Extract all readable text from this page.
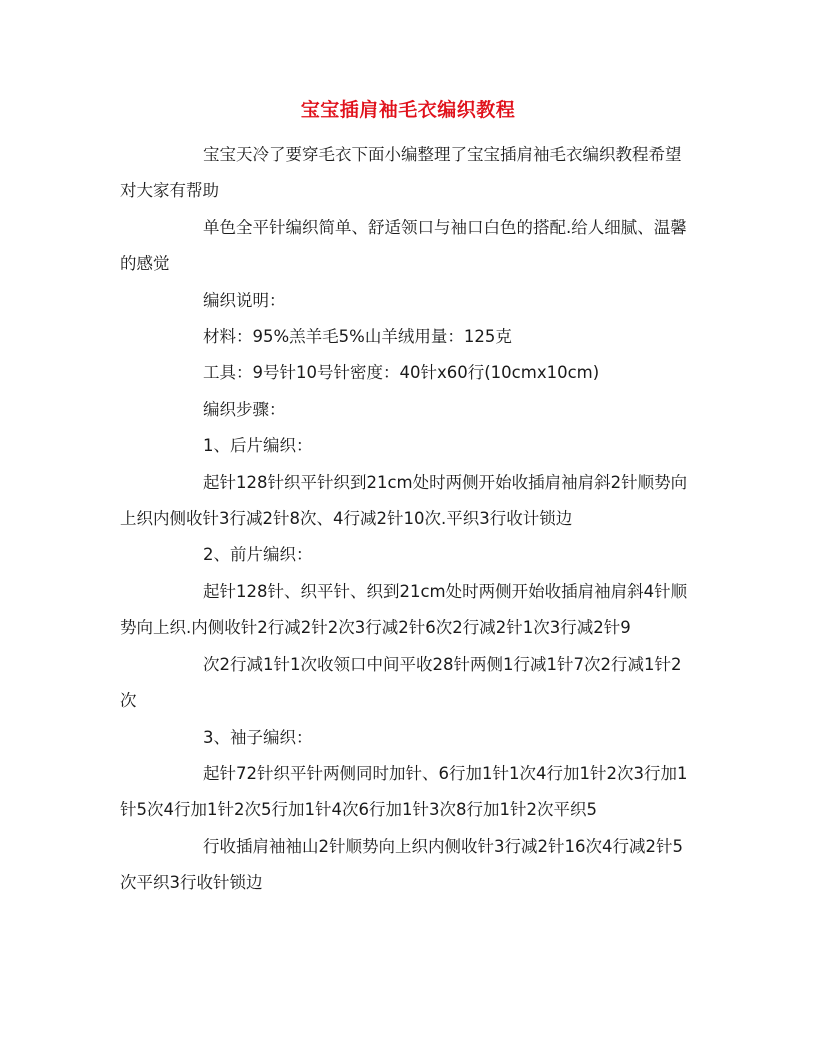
宝宝插肩袖毛衣编织教程

宝宝天冷了要穿毛衣下面小编整理了宝宝插肩袖毛衣编织教程希望对大家有帮助

单色全平针编织简单、舒适领口与袖口白色的搭配.给人细腻、温馨的感觉

编织说明：

材料：95%羔羊毛5%山羊绒用量：125克

工具：9号针10号针密度：40针x60行(10cmx10cm)

编织步骤：

1、后片编织：

起针128针织平针织到21cm处时两侧开始收插肩袖肩斜2针顺势向上织内侧收针3行减2针8次、4行减2针10次.平织3行收计锁边

2、前片编织：

起针128针、织平针、织到21cm处时两侧开始收插肩袖肩斜4针顺势向上织.内侧收针2行减2针2次3行减2针6次2行减2针1次3行减2针9

次2行减1针1次收领口中间平收28针两侧1行减1针7次2行减1针2次

3、袖子编织：

起针72针织平针两侧同时加针、6行加1针1次4行加1针2次3行加1针5次4行加1针2次5行加1针4次6行加1针3次8行加1针2次平织5

行收插肩袖袖山2针顺势向上织内侧收针3行减2针16次4行减2针5次平织3行收针锁边
